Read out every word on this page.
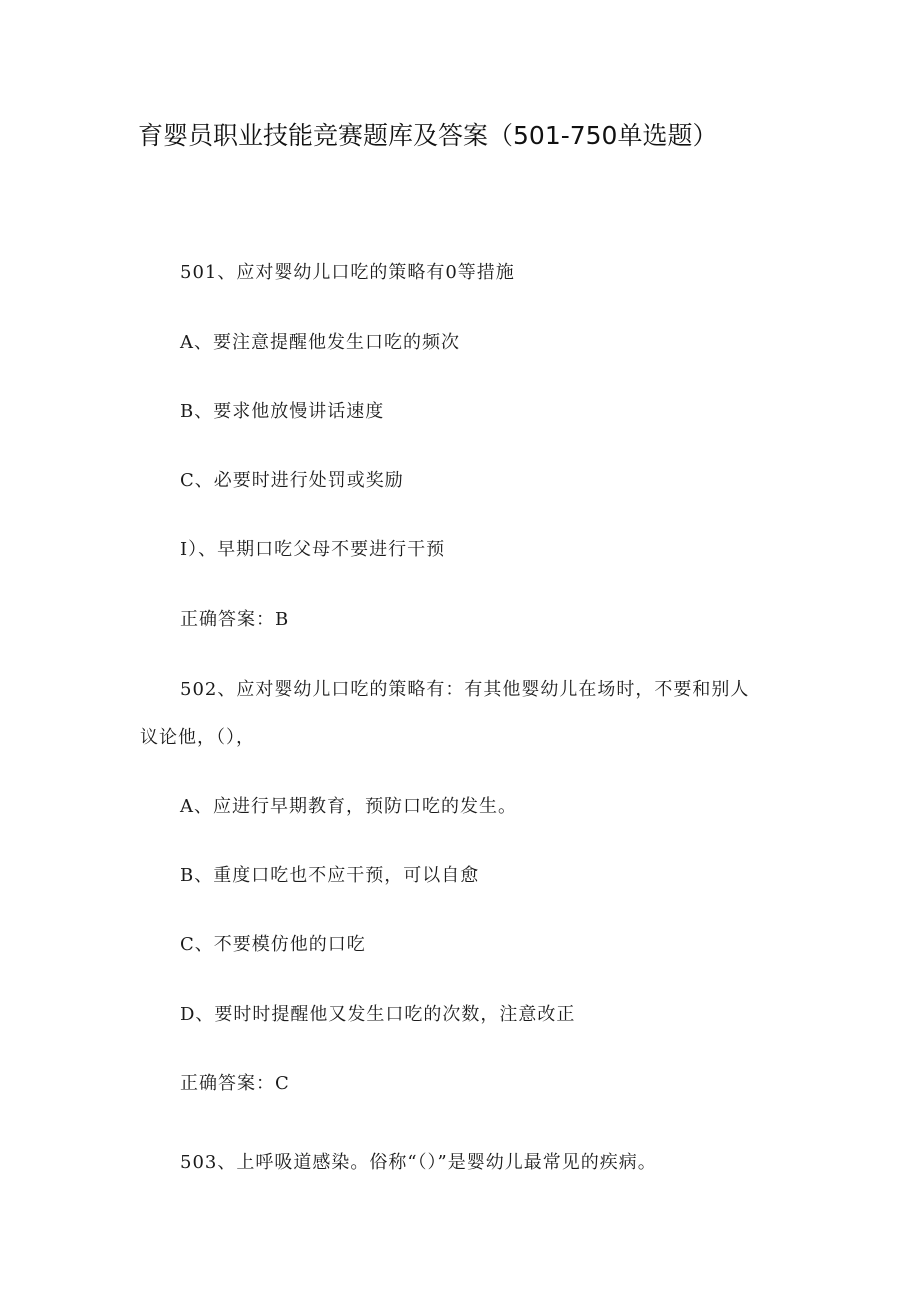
育婴员职业技能竞赛题库及答案（501-750单选题）
501、应对婴幼儿口吃的策略有0等措施
A、要注意提醒他发生口吃的频次
B、要求他放慢讲话速度
C、必要时进行处罚或奖励
I）、早期口吃父母不要进行干预
正确答案：B
502、应对婴幼儿口吃的策略有：有其他婴幼儿在场时，不要和别人
议论他，（），
A、应进行早期教育，预防口吃的发生。
B、重度口吃也不应干预，可以自愈
C、不要模仿他的口吃
D、要时时提醒他又发生口吃的次数，注意改正
正确答案：C
503、上呼吸道感染。俗称“（）”是婴幼儿最常见的疾病。
